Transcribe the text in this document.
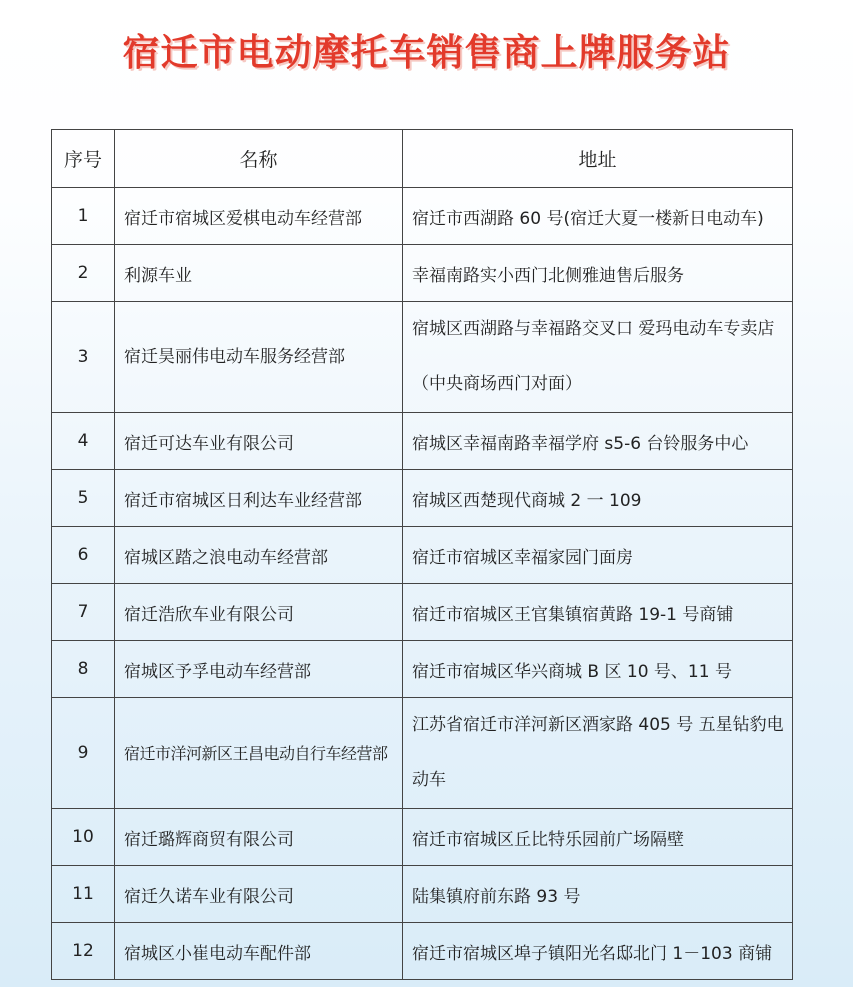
宿迁市电动摩托车销售商上牌服务站
序号	名称	地址
1	宿迁市宿城区爱棋电动车经营部	宿迁市西湖路 60 号(宿迁大夏一楼新日电动车)
2	利源车业	幸福南路实小西门北侧雅迪售后服务
3	宿迁昊丽伟电动车服务经营部	宿城区西湖路与幸福路交叉口 爱玛电动车专卖店（中央商场西门对面）
4	宿迁可达车业有限公司	宿城区幸福南路幸福学府 s5-6 台铃服务中心
5	宿迁市宿城区日利达车业经营部	宿城区西楚现代商城 2 一 109
6	宿城区踏之浪电动车经营部	宿迁市宿城区幸福家园门面房
7	宿迁浩欣车业有限公司	宿迁市宿城区王官集镇宿黄路 19-1 号商铺
8	宿城区予孚电动车经营部	宿迁市宿城区华兴商城 B 区 10 号、11 号
9	宿迁市洋河新区王昌电动自行车经营部	江苏省宿迁市洋河新区酒家路 405 号 五星钻豹电动车
10	宿迁璐辉商贸有限公司	宿迁市宿城区丘比特乐园前广场隔壁
11	宿迁久诺车业有限公司	陆集镇府前东路 93 号
12	宿城区小崔电动车配件部	宿迁市宿城区埠子镇阳光名邸北门 1－103 商铺
